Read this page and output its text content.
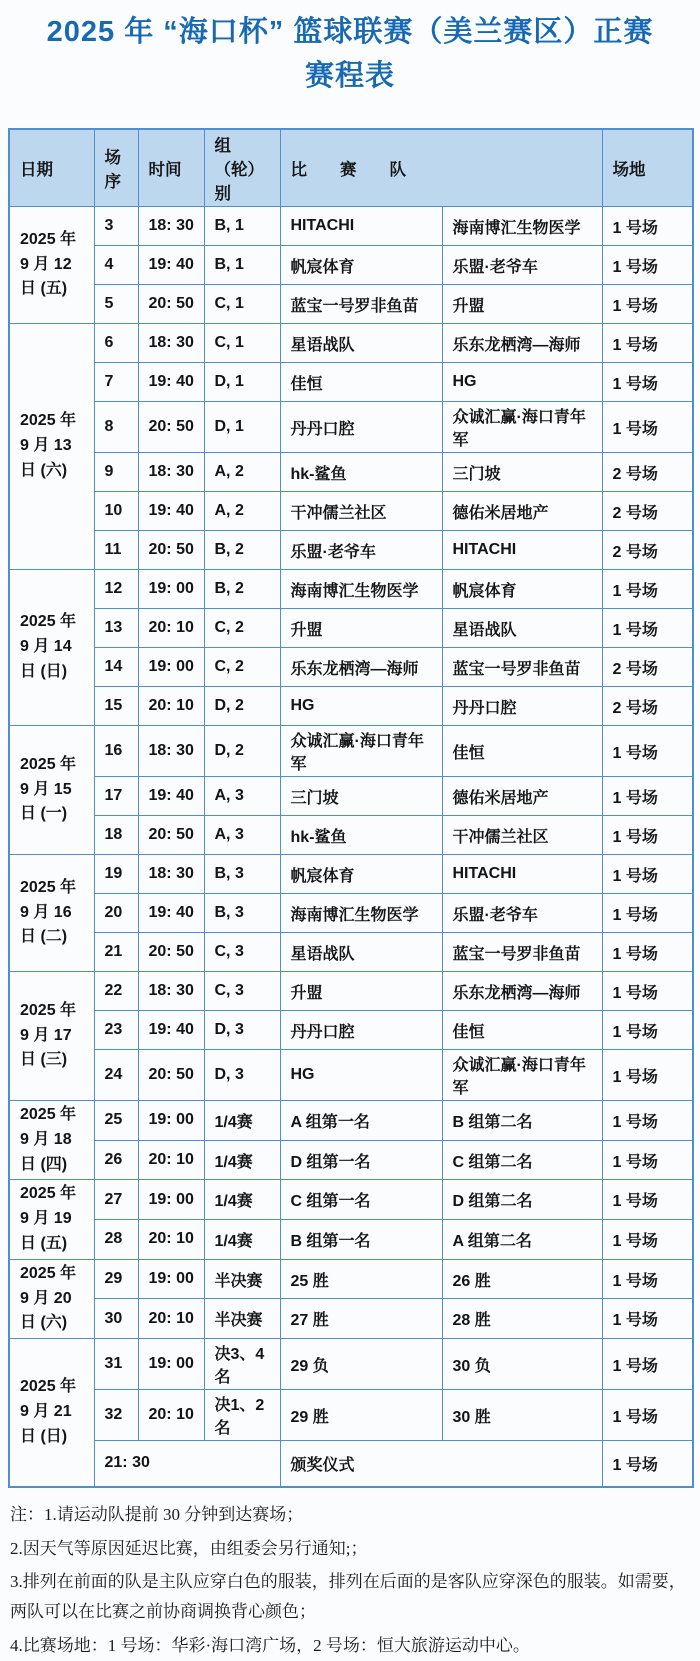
2025 年 “海口杯” 篮球联赛（美兰赛区）正赛
赛程表
日期	场序	时间	组（轮）别	比　　赛　　队		场地
2025 年 9 月 12 日 (五)	3	18: 30	B, 1	HITACHI	海南博汇生物医学	1 号场
	4	19: 40	B, 1	帆宸体育	乐盟·老爷车	1 号场
	5	20: 50	C, 1	蓝宝一号罗非鱼苗	升盟	1 号场
2025 年 9 月 13 日 (六)	6	18: 30	C, 1	星语战队	乐东龙栖湾—海师	1 号场
	7	19: 40	D, 1	佳恒	HG	1 号场
	8	20: 50	D, 1	丹丹口腔	众诚汇赢·海口青年军	1 号场
	9	18: 30	A, 2	hk-鲨鱼	三门坡	2 号场
	10	19: 40	A, 2	干冲儒兰社区	德佑米居地产	2 号场
	11	20: 50	B, 2	乐盟·老爷车	HITACHI	2 号场
2025 年 9 月 14 日 (日)	12	19: 00	B, 2	海南博汇生物医学	帆宸体育	1 号场
	13	20: 10	C, 2	升盟	星语战队	1 号场
	14	19: 00	C, 2	乐东龙栖湾—海师	蓝宝一号罗非鱼苗	2 号场
	15	20: 10	D, 2	HG	丹丹口腔	2 号场
2025 年 9 月 15 日 (一)	16	18: 30	D, 2	众诚汇赢·海口青年军	佳恒	1 号场
	17	19: 40	A, 3	三门坡	德佑米居地产	1 号场
	18	20: 50	A, 3	hk-鲨鱼	干冲儒兰社区	1 号场
2025 年 9 月 16 日 (二)	19	18: 30	B, 3	帆宸体育	HITACHI	1 号场
	20	19: 40	B, 3	海南博汇生物医学	乐盟·老爷车	1 号场
	21	20: 50	C, 3	星语战队	蓝宝一号罗非鱼苗	1 号场
2025 年 9 月 17 日 (三)	22	18: 30	C, 3	升盟	乐东龙栖湾—海师	1 号场
	23	19: 40	D, 3	丹丹口腔	佳恒	1 号场
	24	20: 50	D, 3	HG	众诚汇赢·海口青年军	1 号场
2025 年 9 月 18 日 (四)	25	19: 00	1/4赛	A 组第一名	B 组第二名	1 号场
	26	20: 10	1/4赛	D 组第一名	C 组第二名	1 号场
2025 年 9 月 19 日 (五)	27	19: 00	1/4赛	C 组第一名	D 组第二名	1 号场
	28	20: 10	1/4赛	B 组第一名	A 组第二名	1 号场
2025 年 9 月 20 日 (六)	29	19: 00	半决赛	25 胜	26 胜	1 号场
	30	20: 10	半决赛	27 胜	28 胜	1 号场
2025 年 9 月 21 日 (日)	31	19: 00	决3、4名	29 负	30 负	1 号场
	32	20: 10	决1、2名	29 胜	30 胜	1 号场
	21: 30			颁奖仪式		1 号场

注：1.请运动队提前 30 分钟到达赛场；

2.因天气等原因延迟比赛，由组委会另行通知;；

3.排列在前面的队是主队应穿白色的服装，排列在后面的是客队应穿深色的服装。如需要，两队可以在比赛之前协商调换背心颜色；

4.比赛场地：1 号场：华彩·海口湾广场，2 号场：恒大旅游运动中心。
